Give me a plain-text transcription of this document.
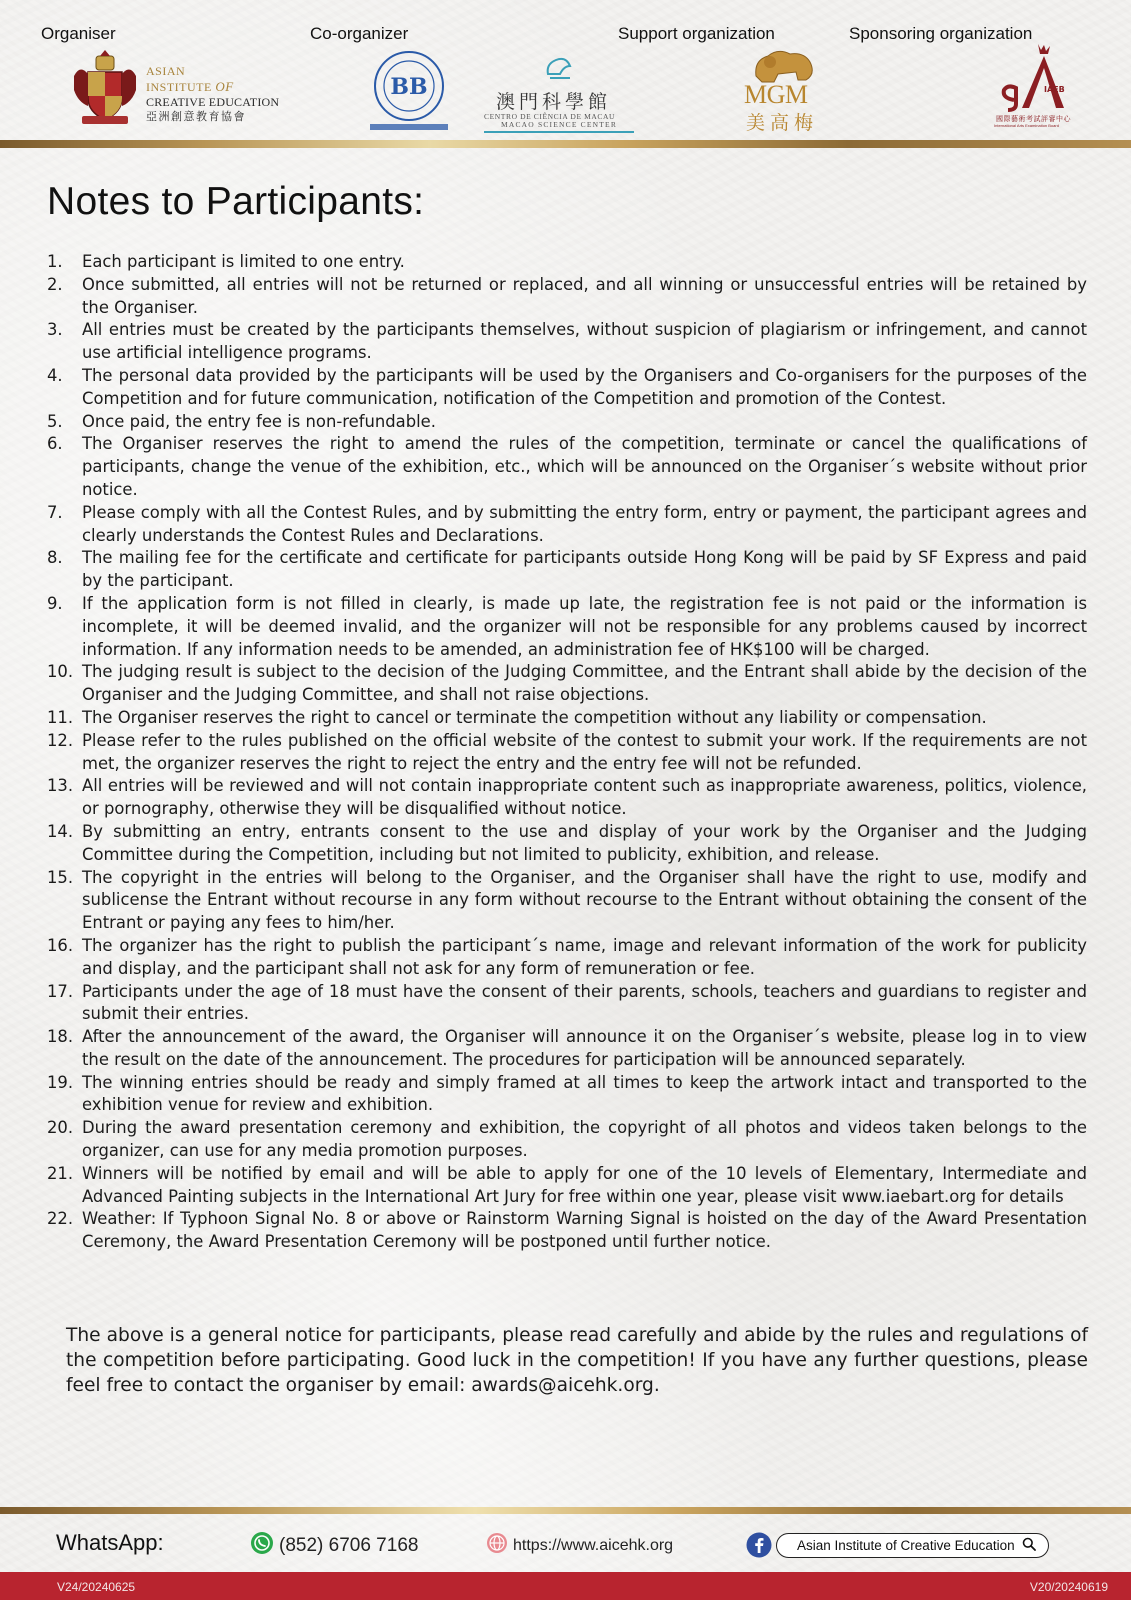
Organiser	Co-organizer	Support organization	Sponsoring organization
ASIAN
INSTITUTE OF
CREATIVE EDUCATION
亞洲創意教育協會
BB
澳門科學館
CENTRO DE CIÊNCIA DE MACAU
MACAO SCIENCE CENTER
MGM
美高梅
IAEB
國際藝術考試評審中心
International Arts Examination Board
Notes to Participants:
1.	Each participant is limited to one entry.
2.	Once submitted, all entries will not be returned or replaced, and all winning or unsuccessful entries will be retained by the Organiser.
3.	All entries must be created by the participants themselves, without suspicion of plagiarism or infringement, and cannot use artificial intelligence programs.
4.	The personal data provided by the participants will be used by the Organisers and Co-organisers for the purposes of the Competition and for future communication, notification of the Competition and promotion of the Contest.
5.	Once paid, the entry fee is non-refundable.
6.	The Organiser reserves the right to amend the rules of the competition, terminate or cancel the qualifications of participants, change the venue of the exhibition, etc., which will be announced on the Organiser´s website without prior notice.
7.	Please comply with all the Contest Rules, and by submitting the entry form, entry or payment, the participant agrees and clearly understands the Contest Rules and Declarations.
8.	The mailing fee for the certificate and certificate for participants outside Hong Kong will be paid by SF Express and paid by the participant.
9.	If the application form is not filled in clearly, is made up late, the registration fee is not paid or the information is incomplete, it will be deemed invalid, and the organizer will not be responsible for any problems caused by incorrect information. If any information needs to be amended, an administration fee of HK$100 will be charged.
10. The judging result is subject to the decision of the Judging Committee, and the Entrant shall abide by the decision of the Organiser and the Judging Committee, and shall not raise objections.
11. The Organiser reserves the right to cancel or terminate the competition without any liability or compensation.
12. Please refer to the rules published on the official website of the contest to submit your work. If the requirements are not met, the organizer reserves the right to reject the entry and the entry fee will not be refunded.
13. All entries will be reviewed and will not contain inappropriate content such as inappropriate awareness, politics, violence, or pornography, otherwise they will be disqualified without notice.
14. By submitting an entry, entrants consent to the use and display of your work by the Organiser and the Judging Committee during the Competition, including but not limited to publicity, exhibition, and release.
15. The copyright in the entries will belong to the Organiser, and the Organiser shall have the right to use, modify and sublicense the Entrant without recourse in any form without recourse to the Entrant without obtaining the consent of the Entrant or paying any fees to him/her.
16. The organizer has the right to publish the participant´s name, image and relevant information of the work for publicity and display, and the participant shall not ask for any form of remuneration or fee.
17. Participants under the age of 18 must have the consent of their parents, schools, teachers and guardians to register and submit their entries.
18. After the announcement of the award, the Organiser will announce it on the Organiser´s website, please log in to view the result on the date of the announcement. The procedures for participation will be announced separately.
19. The winning entries should be ready and simply framed at all times to keep the artwork intact and transported to the exhibition venue for review and exhibition.
20. During the award presentation ceremony and exhibition, the copyright of all photos and videos taken belongs to the organizer, can use for any media promotion purposes.
21. Winners will be notified by email and will be able to apply for one of the 10 levels of Elementary, Intermediate and Advanced Painting subjects in the International Art Jury for free within one year, please visit www.iaebart.org for details
22. Weather: If Typhoon Signal No. 8 or above or Rainstorm Warning Signal is hoisted on the day of the Award Presentation Ceremony, the Award Presentation Ceremony will be postponed until further notice.

The above is a general notice for participants, please read carefully and abide by the rules and regulations of the competition before participating. Good luck in the competition! If you have any further questions, please feel free to contact the organiser by email: awards@aicehk.org.

WhatsApp:	(852) 6706 7168	https://www.aicehk.org	Asian Institute of Creative Education
V24/20240625	V20/20240619
